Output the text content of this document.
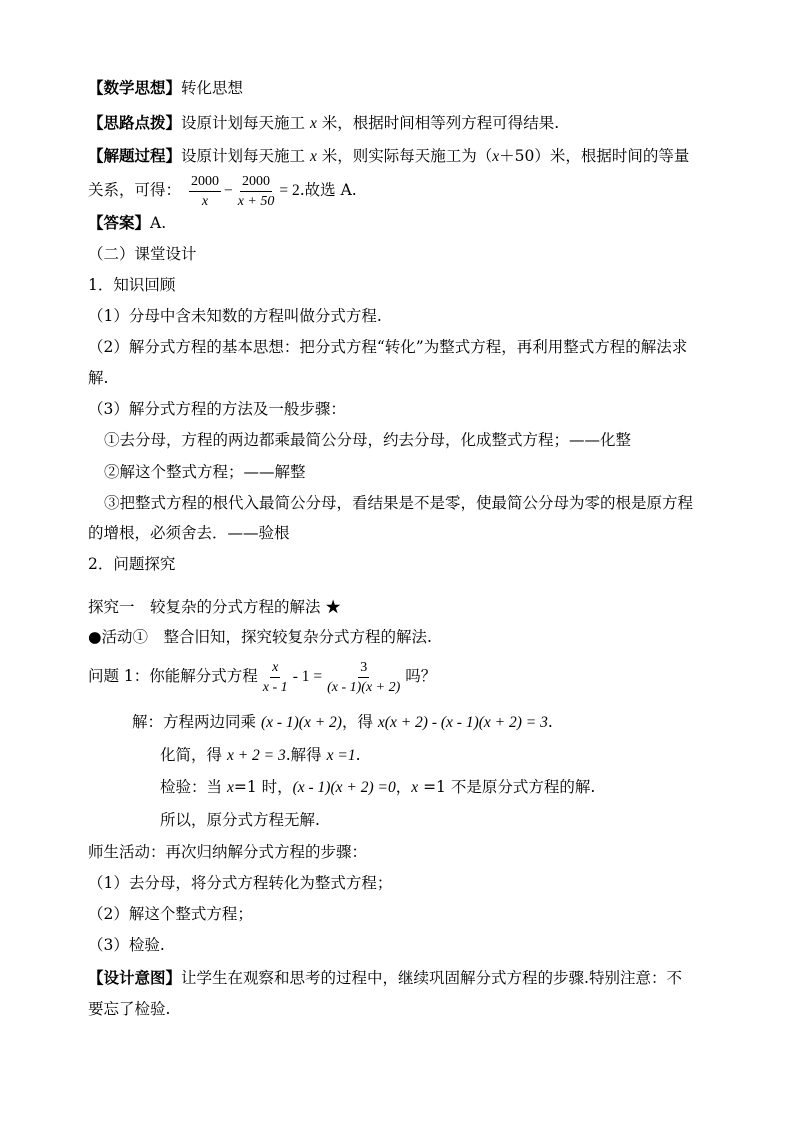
【数学思想】转化思想
【思路点拨】设原计划每天施工 x 米，根据时间相等列方程可得结果.
【解题过程】设原计划每天施工 x 米，则实际每天施工为（x＋50）米，根据时间的等量
关系，可得： $\frac{2000}{x} - \frac{2000}{x + 50} = 2$.故选 A.
【答案】A.
（二）课堂设计
1．知识回顾
（1）分母中含未知数的方程叫做分式方程.
（2）解分式方程的基本思想：把分式方程“转化”为整式方程，再利用整式方程的解法求
解.
（3）解分式方程的方法及一般步骤：
①去分母，方程的两边都乘最简公分母，约去分母，化成整式方程；——化整
②解这个整式方程；——解整
③把整式方程的根代入最简公分母，看结果是不是零，使最简公分母为零的根是原方程
的增根，必须舍去．——验根
2．问题探究
探究一　较复杂的分式方程的解法 ★
●活动①　整合旧知，探究较复杂分式方程的解法.
问题 1：你能解分式方程 $\frac{x}{x - 1} - 1 = \frac{3}{(x - 1)(x + 2)}$ 吗？
解：方程两边同乘 (x - 1)(x + 2)，得 x(x + 2) - (x - 1)(x + 2) = 3.
化简，得 x + 2 = 3.解得 x =1.
检验：当 x=1 时，(x - 1)(x + 2) =0，x =1 不是原分式方程的解.
所以，原分式方程无解.
师生活动：再次归纳解分式方程的步骤：
（1）去分母，将分式方程转化为整式方程；
（2）解这个整式方程；
（3）检验.
【设计意图】让学生在观察和思考的过程中，继续巩固解分式方程的步骤.特别注意：不
要忘了检验.
